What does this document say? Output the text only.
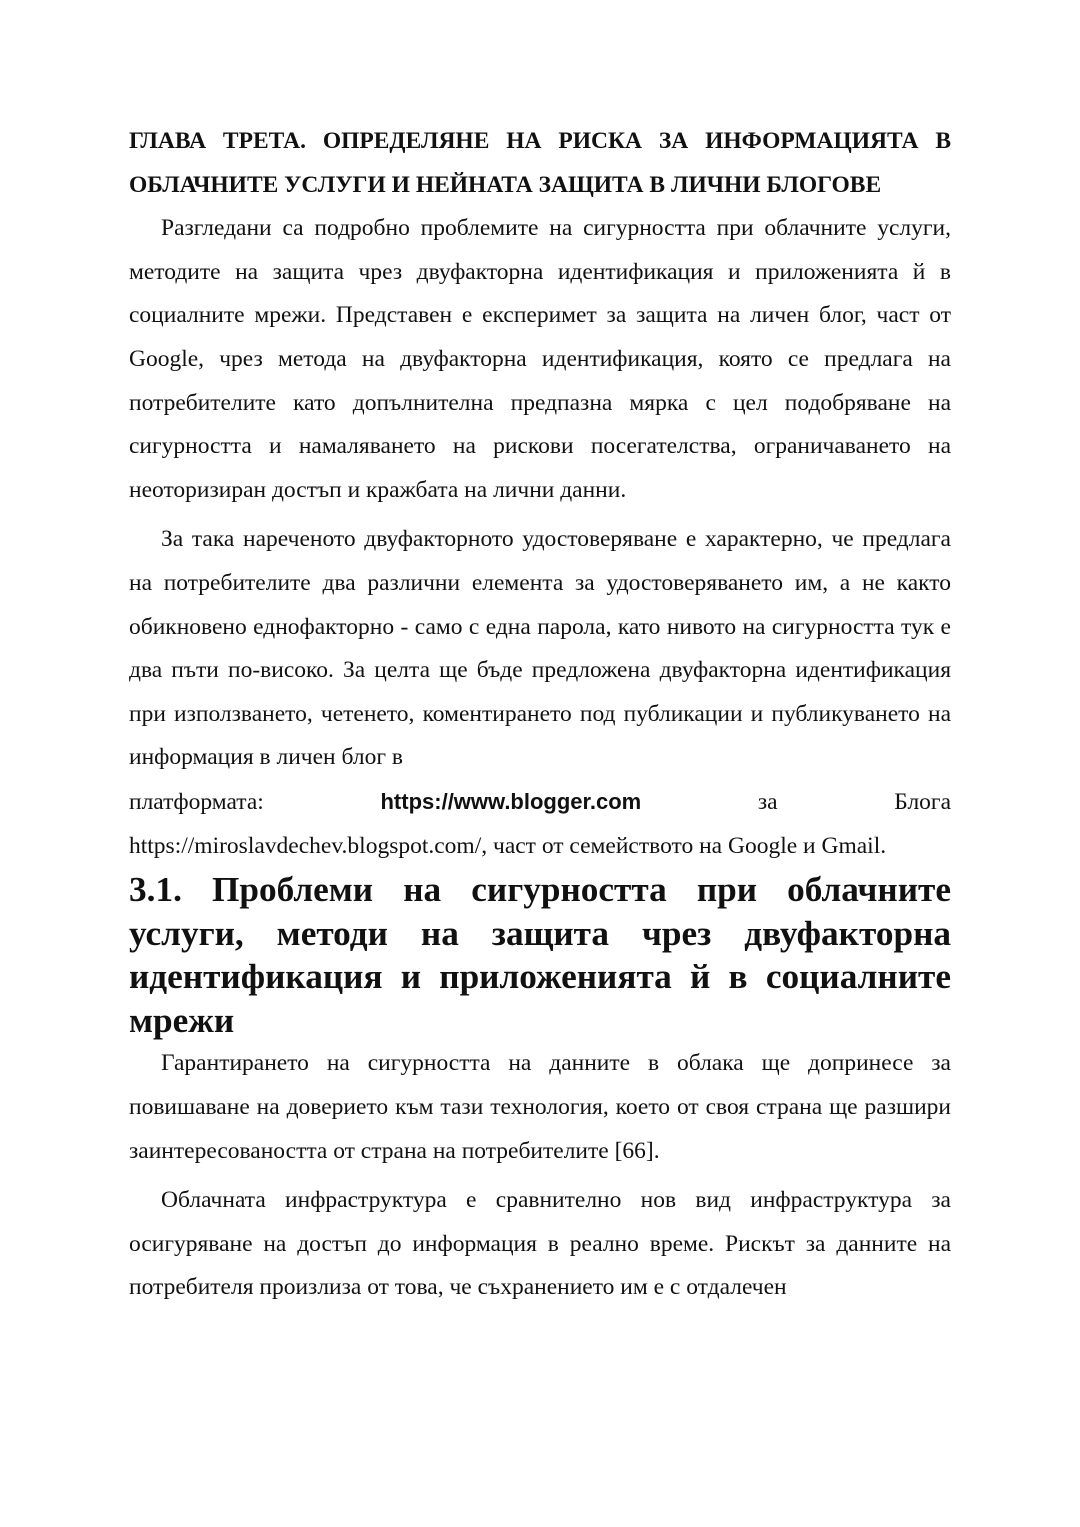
ГЛАВА ТРЕТА. ОПРЕДЕЛЯНЕ НА РИСКА ЗА ИНФОРМАЦИЯТА В ОБЛАЧНИТЕ УСЛУГИ И НЕЙНАТА ЗАЩИТА В ЛИЧНИ БЛОГОВЕ

Разгледани са подробно проблемите на сигурността при облачните услуги, методите на защита чрез двуфакторна идентификация и приложенията й в социалните мрежи. Представен е експеримет за защита на личен блог, част от Google, чрез метода на двуфакторна идентификация, която се предлага на потребителите като допълнителна предпазна мярка с цел подобряване на сигурността и намаляването на рискови посегателства, ограничаването на неоторизиран достъп и кражбата на лични данни.

За така нареченото двуфакторното удостоверяване е характерно, че предлага на потребителите два различни елемента за удостоверяването им, а не както обикновено еднофакторно - само с една парола, като нивото на сигурността тук е два пъти по-високо. За целта ще бъде предложена двуфакторна идентификация при използването, четенето, коментирането под публикации и публикуването на информация в личен блог в
платформата:	https://www.blogger.com	за	Блога
https://miroslavdechev.blogspot.com/, част от семейството на Google и Gmail.

3.1. Проблеми на сигурността при облачните услуги, методи на защита чрез двуфакторна идентификация и приложенията й в социалните мрежи

Гарантирането на сигурността на данните в облака ще допринесе за повишаване на доверието към тази технология, което от своя страна ще разшири заинтересоваността от страна на потребителите [66].

Облачната инфраструктура е сравнително нов вид инфраструктура за осигуряване на достъп до информация в реално време. Рискът за данните на потребителя произлиза от това, че съхранението им е с отдалечен
